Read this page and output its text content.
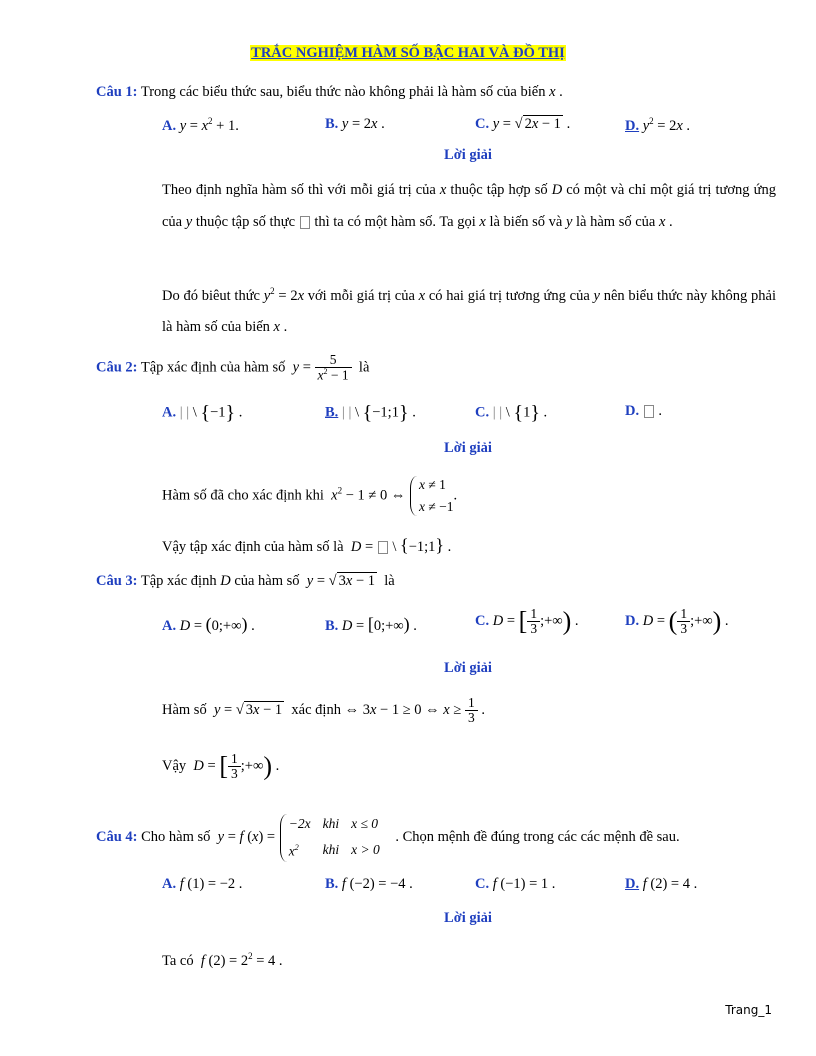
TRẮC NGHIỆM HÀM SỐ BẬC HAI VÀ ĐỒ THỊ
Câu 1: Trong các biểu thức sau, biểu thức nào không phải là hàm số của biến x .
A. $y = x^2 + 1$.	B. y = 2x .	C. y = √ 2x − 1 .	D. $y^2 = 2x$ .
Lời giải
Theo định nghĩa hàm số thì với mỗi giá trị của x thuộc tập hợp số D có một và chỉ một giá trị tương ứng của y thuộc tập số thực  thì ta có một hàm số. Ta gọi x là biến số và y là hàm số của x .
Do đó biêut thức $y^2 = 2x$ với mỗi giá trị của x có hai giá trị tương ứng của y nên biểu thức này không phải là hàm số của biến x .
Câu 2: Tập xác định của hàm số $y = \frac{5}{x^2 - 1}$ là
A. | | \ {−1} .	B. | | \ {−1;1} .	C. | | \ {1} .	D.  .
Lời giải
Hàm số đã cho xác định khi $x^2 - 1 \ne 0$ ⇔
x ≠ 1
x ≠ −1
.
Vậy tập xác định của hàm số là D =  \ {−1;1} .
Câu 3: Tập xác định D của hàm số y = √ 3x − 1 là
A. D = (0;+∞) .	B. D = [0;+∞) .	C. D = [ $\frac{1}{3}$ ;+∞) .	D. D = ( $\frac{1}{3}$ ;+∞) .
Lời giải
Hàm số y = √ 3x − 1 xác định ⇔ 3x − 1 ≥ 0 ⇔ $x \ge \frac{1}{3}$ .
Vậy D = [ $\frac{1}{3}$ ;+∞) .
Câu 4: Cho hàm số y = f (x) =
−2x	khi	x ≤ 0
$x^2$	khi	x > 0
. Chọn mệnh đề đúng trong các các mệnh đề sau.
A. f (1) = −2 .	B. f (−2) = −4 .	C. f (−1) = 1 .	D. f (2) = 4 .
Lời giải
Ta có f $(2) = 2^2 = 4$ .
Trang_1
